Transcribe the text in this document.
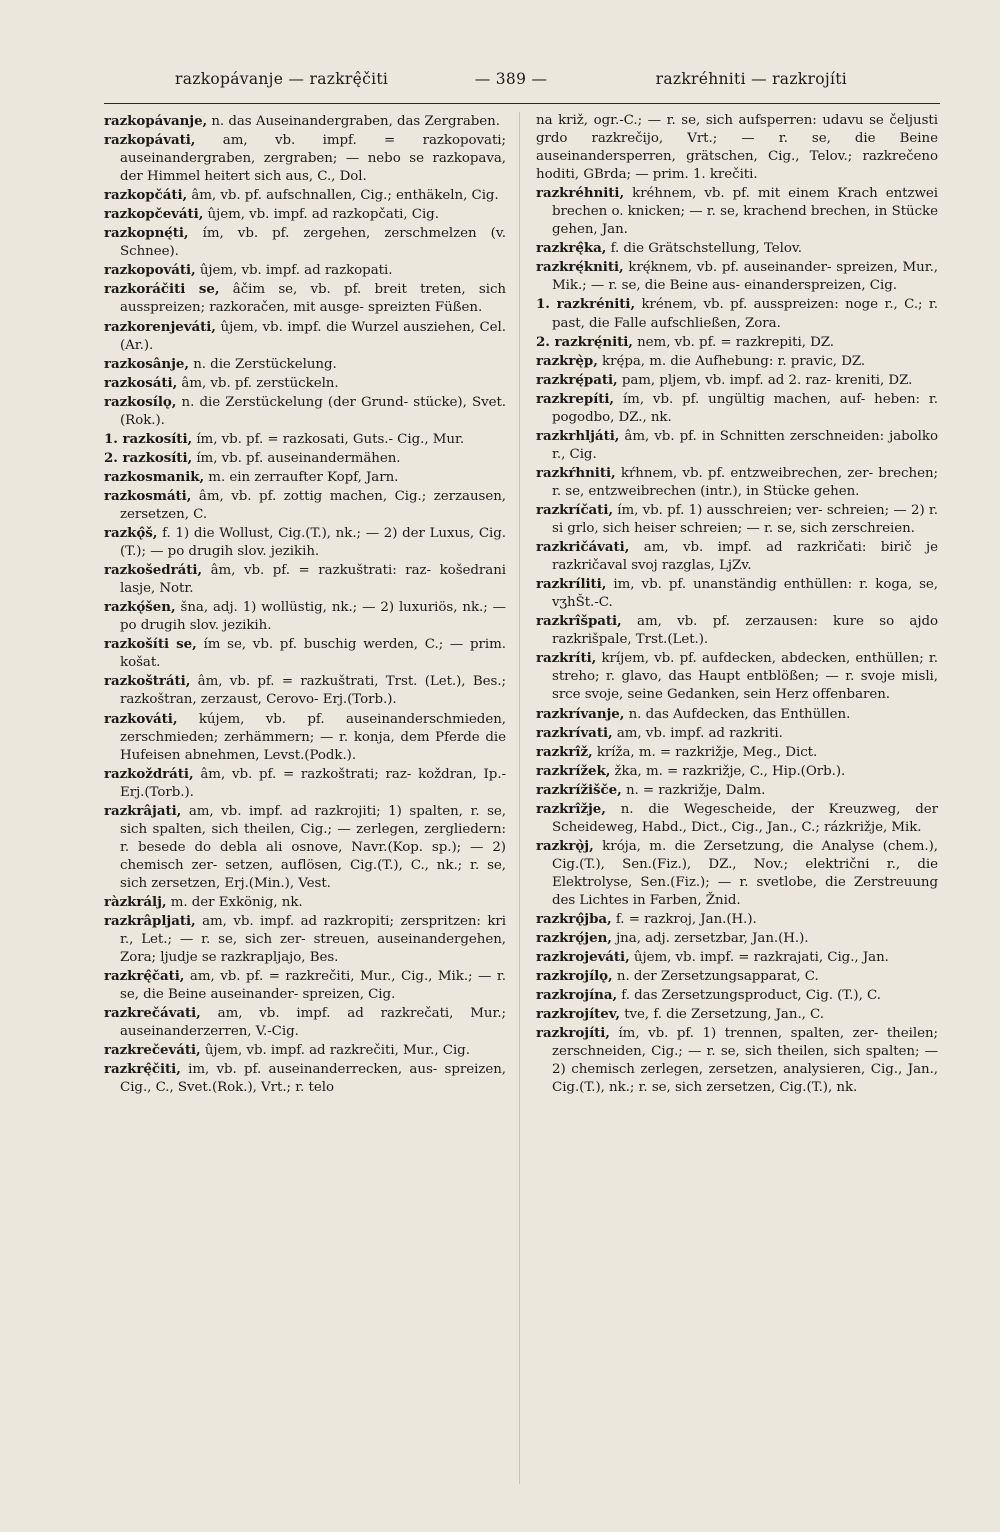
razkopávanje — razkrę̂čiti	— 389 —	razkréhniti — razkrojíti

razkopávanje, n. das Auseinandergraben, das Zergraben.

razkopávati, am, vb. impf. = razkopovati; auseinandergraben, zergraben; — nebo se razkopava, der Himmel heitert sich aus, C., Dol.

razkopčáti, âm, vb. pf. aufschnallen, Cig.; enthäkeln, Cig.

razkopčeváti, ûjem, vb. impf. ad razkopčati, Cig.

razkopnę́ti, ím, vb. pf. zergehen, zerschmelzen (v. Schnee).

razkopováti, ûjem, vb. impf. ad razkopati.

razkoráčiti se, âčim se, vb. pf. breit treten, sich ausspreizen; razkoračen, mit ausge- spreizten Füßen.

razkorenjeváti, ûjem, vb. impf. die Wurzel ausziehen, Cel.(Ar.).

razkosânje, n. die Zerstückelung.

razkosáti, âm, vb. pf. zerstückeln.

razkosílǫ, n. die Zerstückelung (der Grund- stücke), Svet.(Rok.).

1. razkosíti, ím, vb. pf. = razkosati, Guts.- Cig., Mur.

2. razkosíti, ím, vb. pf. auseinandermähen.

razkosmanik, m. ein zerraufter Kopf, Jarn.

razkosmáti, âm, vb. pf. zottig machen, Cig.; zerzausen, zersetzen, C.

razkǫ̂š, f. 1) die Wollust, Cig.(T.), nk.; — 2) der Luxus, Cig.(T.); — po drugih slov. jezikih.

razkošedráti, âm, vb. pf. = razkuštrati: raz- košedrani lasje, Notr.

razkǫ́šen, šna, adj. 1) wollüstig, nk.; — 2) luxuriös, nk.; — po drugih slov. jezikih.

razkošíti se, ím se, vb. pf. buschig werden, C.; — prim. košat.

razkoštráti, âm, vb. pf. = razkuštrati, Trst. (Let.), Bes.; razkoštran, zerzaust, Cerovo- Erj.(Torb.).

razkováti, kújem, vb. pf. auseinanderschmieden, zerschmieden; zerhämmern; — r. konja, dem Pferde die Hufeisen abnehmen, Levst.(Podk.).

razkoždráti, âm, vb. pf. = razkoštrati; raz- koždran, Ip.-Erj.(Torb.).

razkrâjati, am, vb. impf. ad razkrojiti; 1) spalten, r. se, sich spalten, sich theilen, Cig.; — zerlegen, zergliedern: r. besede do debla ali osnove, Navr.(Kop. sp.); — 2) chemisch zer- setzen, auflösen, Cig.(T.), C., nk.; r. se, sich zersetzen, Erj.(Min.), Vest.

ràzkrálj, m. der Exkönig, nk.

razkrâpljati, am, vb. impf. ad razkropiti; zerspritzen: kri r., Let.; — r. se, sich zer- streuen, auseinandergehen, Zora; ljudje se razkrapljajo, Bes.

razkrę̂čati, am, vb. pf. = razkrečiti, Mur., Cig., Mik.; — r. se, die Beine auseinander- spreizen, Cig.

razkrečávati, am, vb. impf. ad razkrečati, Mur.; auseinanderzerren, V.-Cig.

razkrečeváti, ûjem, vb. impf. ad razkrečiti, Mur., Cig.

razkrę̂čiti, im, vb. pf. auseinanderrecken, aus- spreizen, Cig., C., Svet.(Rok.), Vrt.; r. telo

na križ, ogr.-C.; — r. se, sich aufsperren: udavu se čeljusti grdo razkrečijo, Vrt.; — r. se, die Beine auseinandersperren, grätschen, Cig., Telov.; razkrečeno hoditi, GBrda; — prim. 1. krečiti.

razkréhniti, kréhnem, vb. pf. mit einem Krach entzwei brechen o. knicken; — r. se, krachend brechen, in Stücke gehen, Jan.

razkrę̂ka, f. die Grätschstellung, Telov.

razkrę́kniti, krę́knem, vb. pf. auseinander- spreizen, Mur., Mik.; — r. se, die Beine aus- einanderspreizen, Cig.

1. razkréniti, krénem, vb. pf. ausspreizen: noge r., C.; r. past, die Falle aufschließen, Zora.

2. razkrę́niti, nem, vb. pf. = razkrepiti, DZ.

razkrę̀p, krę́pa, m. die Aufhebung: r. pravic, DZ.

razkrę́pati, pam, pljem, vb. impf. ad 2. raz- kreniti, DZ.

razkrepíti, ím, vb. pf. ungültig machen, auf- heben: r. pogodbo, DZ., nk.

razkrhljáti, âm, vb. pf. in Schnitten zerschneiden: jabolko r., Cig.

razkŕhniti, kŕhnem, vb. pf. entzweibrechen, zer- brechen; r. se, entzweibrechen (intr.), in Stücke gehen.

razkríčati, ím, vb. pf. 1) ausschreien; ver- schreien; — 2) r. si grlo, sich heiser schreien; — r. se, sich zerschreien.

razkričávati, am, vb. impf. ad razkričati: birič je razkričaval svoj razglas, LjZv.

razkríliti, im, vb. pf. unanständig enthüllen: r. koga, se, vʒhŠt.-C.

razkrîšpati, am, vb. pf. zerzausen: kure so ajdo razkrišpale, Trst.(Let.).

razkríti, kríjem, vb. pf. aufdecken, abdecken, enthüllen; r. streho; r. glavo, das Haupt entblößen; — r. svoje misli, srce svoje, seine Gedanken, sein Herz offenbaren.

razkrívanje, n. das Aufdecken, das Enthüllen.

razkrívati, am, vb. impf. ad razkriti.

razkrîž, kríža, m. = razkrižje, Meg., Dict.

razkrížek, žka, m. = razkrižje, C., Hip.(Orb.).

razkrížišče, n. = razkrižje, Dalm.

razkrîžje, n. die Wegescheide, der Kreuzweg, der Scheideweg, Habd., Dict., Cig., Jan., C.; rázkrižje, Mik.

razkrǫ̀j, krója, m. die Zersetzung, die Analyse (chem.), Cig.(T.), Sen.(Fiz.), DZ., Nov.; električni r., die Elektrolyse, Sen.(Fiz.); — r. svetlobe, die Zerstreuung des Lichtes in Farben, Žnid.

razkrǫ̂jba, f. = razkroj, Jan.(H.).

razkrǫ́jen, jna, adj. zersetzbar, Jan.(H.).

razkrojeváti, ûjem, vb. impf. = razkrajati, Cig., Jan.

razkrojílǫ, n. der Zersetzungsapparat, C.

razkrojína, f. das Zersetzungsproduct, Cig. (T.), C.

razkrojítev, tve, f. die Zersetzung, Jan., C.

razkrojíti, ím, vb. pf. 1) trennen, spalten, zer- theilen; zerschneiden, Cig.; — r. se, sich theilen, sich spalten; — 2) chemisch zerlegen, zersetzen, analysieren, Cig., Jan., Cig.(T.), nk.; r. se, sich zersetzen, Cig.(T.), nk.
